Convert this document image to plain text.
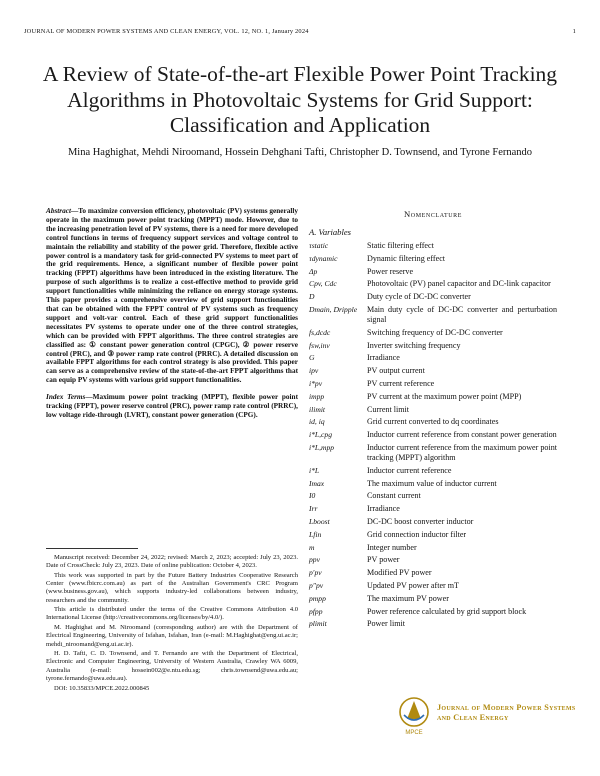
JOURNAL OF MODERN POWER SYSTEMS AND CLEAN ENERGY, VOL. 12, NO. 1, January 2024	1
A Review of State-of-the-art Flexible Power Point Tracking Algorithms in Photovoltaic Systems for Grid Support: Classification and Application
Mina Haghighat, Mehdi Niroomand, Hossein Dehghani Tafti, Christopher D. Townsend, and Tyrone Fernando

Abstract—To maximize conversion efficiency, photovoltaic (PV) systems generally operate in the maximum power point tracking (MPPT) mode. However, due to the increasing penetration level of PV systems, there is a need for more developed control functions in terms of frequency support services and voltage control to maintain the reliability and stability of the power grid. Therefore, flexible active power control is a mandatory task for grid-connected PV systems to meet part of the grid requirements. Hence, a significant number of flexible power point tracking (FPPT) algorithms have been introduced in the existing literature. The purpose of such algorithms is to realize a cost-effective method to provide grid support functionalities while minimizing the reliance on energy storage systems. This paper provides a comprehensive overview of grid support functionalities that can be obtained with the FPPT control of PV systems such as frequency support and volt-var control. Each of these grid support functionalities necessitates PV systems to operate under one of the three control strategies, which can be provided with FPPT algorithms. The three control strategies are classified as: ① constant power generation control (CPGC), ② power reserve control (PRC), and ③ power ramp rate control (PRRC). A detailed discussion on available FPPT algorithms for each control strategy is also provided. This paper can serve as a comprehensive review of the state-of-the-art FPPT algorithms that can equip PV systems with various grid support functionalities.

Index Terms—Maximum power point tracking (MPPT), flexible power point tracking (FPPT), power reserve control (PRC), power ramp rate control (PRRC), low voltage ride-through (LVRT), constant power generation (CPG).

Manuscript received: December 24, 2022; revised: March 2, 2023; accepted: July 23, 2023. Date of CrossCheck: July 23, 2023. Date of online publication: October 4, 2023.

This work was supported in part by the Future Battery Industries Cooperative Research Center (www.fbicrc.com.au) as part of the Australian Government's CRC Program (www.business.gov.au), which supports industry-led collaborations between industry, researchers and the community.

This article is distributed under the terms of the Creative Commons Attribution 4.0 International License (http://creativecommons.org/licenses/by/4.0/).

M. Haghighat and M. Niroomand (corresponding author) are with the Department of Electrical Engineering, University of Isfahan, Isfahan, Iran (e-mail: M.Haghighat@eng.ui.ac.ir; mehdi_niroomand@eng.ui.ac.ir).

H. D. Tafti, C. D. Townsend, and T. Fernando are with the Department of Electrical, Electronic and Computer Engineering, University of Western Australia, Crawley WA 6009, Australia (e-mail: hossein002@e.ntu.edu.sg; chris.townsend@uwa.edu.au; tyrone.fernando@uwa.edu.au).

DOI: 10.35833/MPCE.2022.000845

Nomenclature
A. Variables
τstatic	Static filtering effect
τdynamic	Dynamic filtering effect
Δp	Power reserve
Cpv, Cdc	Photovoltaic (PV) panel capacitor and DC-link capacitor
D	Duty cycle of DC-DC converter
Dmain, Dripple	Main duty cycle of DC-DC converter and perturbation signal
fs,dcdc	Switching frequency of DC-DC converter
fsw,inv	Inverter switching frequency
G	Irradiance
ipv	PV output current
i*pv	PV current reference
impp	PV current at the maximum power point (MPP)
ilimit	Current limit
id, iq	Grid current converted to dq coordinates
i*L,cpg	Inductor current reference from constant power generation
i*L,mpp	Inductor current reference from the maximum power point tracking (MPPT) algorithm
i*L	Inductor current reference
Imax	The maximum value of inductor current
I0	Constant current
Irr	Irradiance
Lboost	DC-DC boost converter inductor
Lfin	Grid connection inductor filter
m	Integer number
ppv	PV power
p′pv	Modified PV power
p″pv	Updated PV power after mT
pmpp	The maximum PV power
pfpp	Power reference calculated by grid support block
plimit	Power limit
MPCE
Journal of Modern Power Systems
and Clean Energy
